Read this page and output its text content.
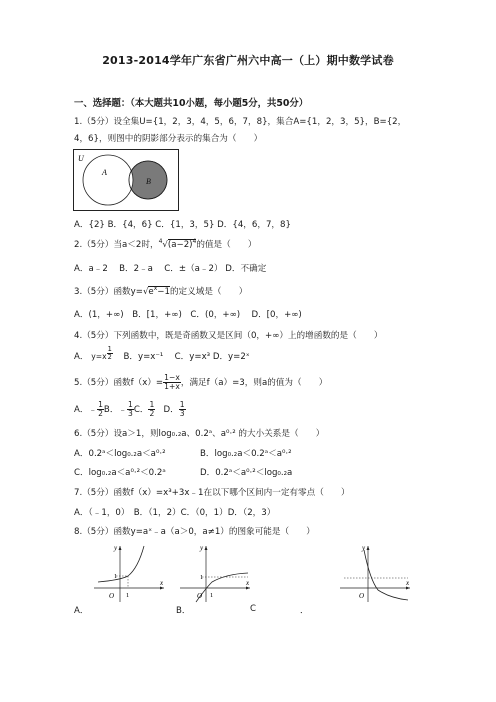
2013-2014学年广东省广州六中高一（上）期中数学试卷
一、选择题：（本大题共10小题，每小题5分，共50分）
1.（5分）设全集U={1，2，3，4，5，6，7，8}，集合A={1，2，3，5}，B={2，
4，6}，则图中的阴影部分表示的集合为（　　）
U
A
B
A．{2} B．{4，6} C．{1，3，5} D．{4，6，7，8}
2.（5分）当a＜2时，$^4√(a-2)^4$的值是（　　）
A．a﹣2　 B．2﹣a　 C．±（a﹣2） D．不确定
3.（5分）函数$y=√e^x-1$的定义域是（　　）
A．(1，+∞)　B．[1，+∞)　C．(0，+∞)　 D．[0，+∞)
4.（5分）下列函数中，既是奇函数又是区间（0，+∞）上的增函数的是（　　）
A． $y=x \frac{1}{2}$ B．y=x⁻¹　 C．y=x³ D．y=2ˣ
5.（5分）函数$f(x)= \frac{1-x}{1+x}$ ，满足f（a）=3，则a的值为（　　）
A．﹣ $\frac{1}{2}$ B．﹣ $\frac{1}{3}$ C． $\frac{1}{2}$ D． $\frac{1}{3}$
6.（5分）设a＞1，则log₀.₂a、0.2ᵃ、a⁰·² 的大小关系是（　　）
A．0.2ᵃ＜log₀.₂a＜a⁰·²	B．log₀.₂a＜0.2ᵃ＜a⁰·²
C．log₀.₂a＜a⁰·²＜0.2ᵃ	D．0.2ᵃ＜a⁰·²＜log₀.₂a
7.（5分）函数f（x）=x³+3x﹣1在以下哪个区间内一定有零点（　　）
A．（﹣1，0）　B．（1，2）C．（0，1）D．（2，3）
8.（5分）函数y=aˣ﹣a（a＞0，a≠1）的图象可能是（　　）
y
x
O
1
1
y
x
O
1
1
y
x
O
A．	B．	C	．
